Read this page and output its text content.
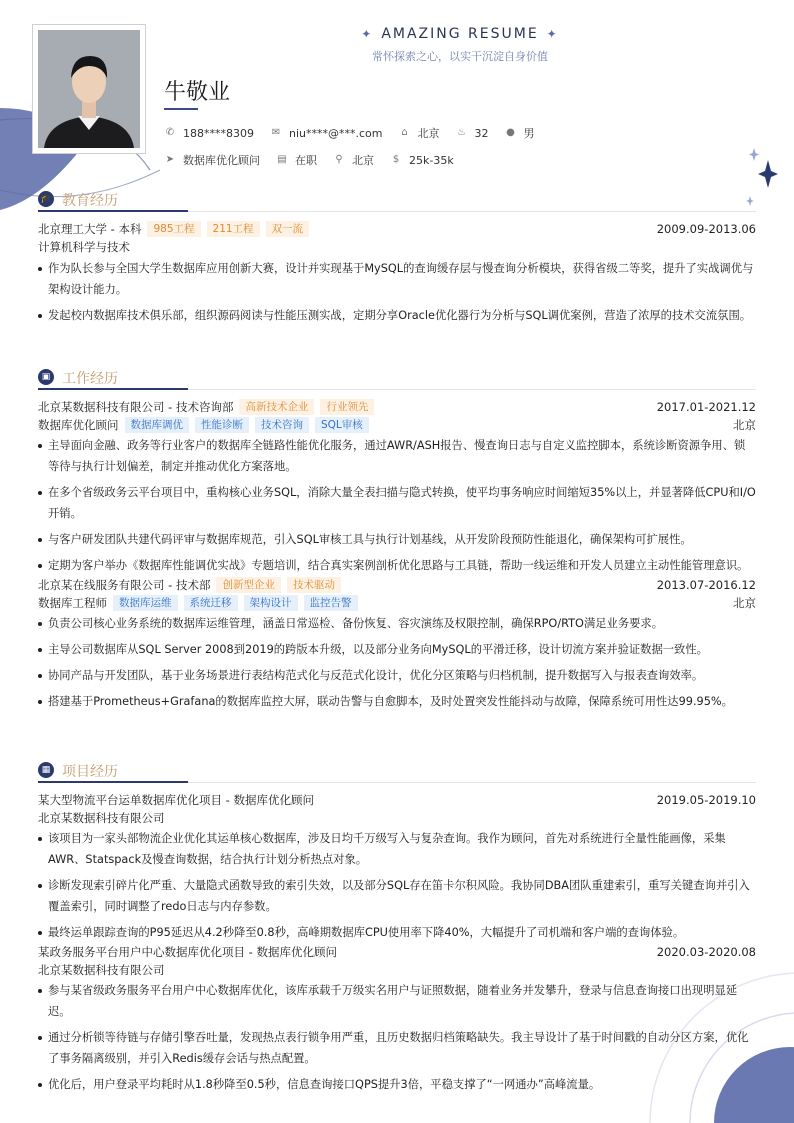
✦ AMAZING RESUME ✦
常怀探索之心，以实干沉淀自身价值
牛敬业
✆ 188****8309 ✉ niu****@***.com ⌂ 北京 ♨ 32 ● 男
➤ 数据库优化顾问 ▤ 在职 ⚲ 北京 $ 25k-35k
🎓 教育经历
北京理工大学 - 本科	985工程	211工程	双一流	2009.09-2013.06
计算机科学与技术
作为队长参与全国大学生数据库应用创新大赛，设计并实现基于MySQL的查询缓存层与慢查询分析模块，获得省级二等奖，提升了实战调优与架构设计能力。
发起校内数据库技术俱乐部，组织源码阅读与性能压测实战，定期分享Oracle优化器行为分析与SQL调优案例，营造了浓厚的技术交流氛围。
▣ 工作经历
北京某数据科技有限公司 - 技术咨询部	高新技术企业	行业领先	2017.01-2021.12
数据库优化顾问	数据库调优	性能诊断	技术咨询	SQL审核	北京
主导面向金融、政务等行业客户的数据库全链路性能优化服务，通过AWR/ASH报告、慢查询日志与自定义监控脚本，系统诊断资源争用、锁等待与执行计划偏差，制定并推动优化方案落地。
在多个省级政务云平台项目中，重构核心业务SQL，消除大量全表扫描与隐式转换，使平均事务响应时间缩短35%以上，并显著降低CPU和I/O开销。
与客户研发团队共建代码评审与数据库规范，引入SQL审核工具与执行计划基线，从开发阶段预防性能退化，确保架构可扩展性。
定期为客户举办《数据库性能调优实战》专题培训，结合真实案例剖析优化思路与工具链，帮助一线运维和开发人员建立主动性能管理意识。
北京某在线服务有限公司 - 技术部	创新型企业	技术驱动	2013.07-2016.12
数据库工程师	数据库运维	系统迁移	架构设计	监控告警	北京
负责公司核心业务系统的数据库运维管理，涵盖日常巡检、备份恢复、容灾演练及权限控制，确保RPO/RTO满足业务要求。
主导公司数据库从SQL Server 2008到2019的跨版本升级，以及部分业务向MySQL的平滑迁移，设计切流方案并验证数据一致性。
协同产品与开发团队，基于业务场景进行表结构范式化与反范式化设计，优化分区策略与归档机制，提升数据写入与报表查询效率。
搭建基于Prometheus+Grafana的数据库监控大屏，联动告警与自愈脚本，及时处置突发性能抖动与故障，保障系统可用性达99.95%。
▦ 项目经历
某大型物流平台运单数据库优化项目 - 数据库优化顾问	2019.05-2019.10
北京某数据科技有限公司
该项目为一家头部物流企业优化其运单核心数据库，涉及日均千万级写入与复杂查询。我作为顾问，首先对系统进行全量性能画像，采集AWR、Statspack及慢查询数据，结合执行计划分析热点对象。
诊断发现索引碎片化严重、大量隐式函数导致的索引失效，以及部分SQL存在笛卡尔积风险。我协同DBA团队重建索引，重写关键查询并引入覆盖索引，同时调整了redo日志与内存参数。
最终运单跟踪查询的P95延迟从4.2秒降至0.8秒，高峰期数据库CPU使用率下降40%，大幅提升了司机端和客户端的查询体验。
某政务服务平台用户中心数据库优化项目 - 数据库优化顾问	2020.03-2020.08
北京某数据科技有限公司
参与某省级政务服务平台用户中心数据库优化，该库承载千万级实名用户与证照数据，随着业务并发攀升，登录与信息查询接口出现明显延迟。
通过分析锁等待链与存储引擎吞吐量，发现热点表行锁争用严重，且历史数据归档策略缺失。我主导设计了基于时间戳的自动分区方案，优化了事务隔离级别，并引入Redis缓存会话与热点配置。
优化后，用户登录平均耗时从1.8秒降至0.5秒，信息查询接口QPS提升3倍，平稳支撑了“一网通办”高峰流量。
